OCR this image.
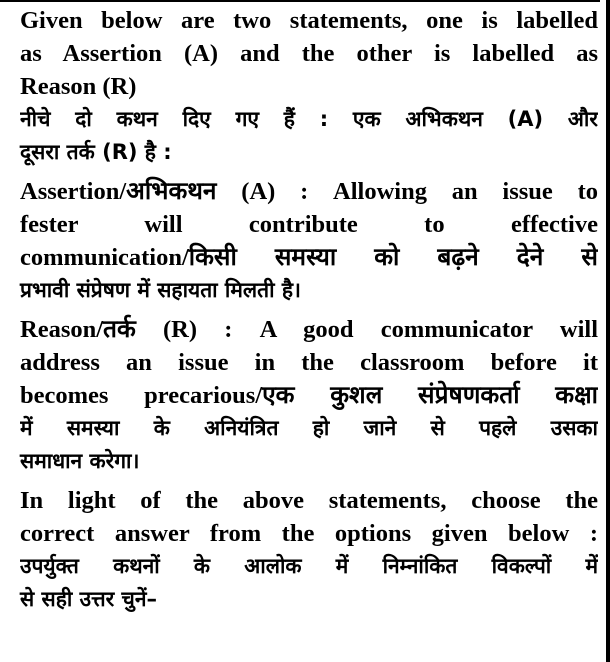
Given below are two statements, one is labelled
as Assertion (A) and the other is labelled as
Reason (R)
नीचे दो कथन दिए गए हैं : एक अभिकथन (A) और
दूसरा तर्क (R) है :
Assertion/अभिकथन (A) : Allowing an issue to
fester will contribute to effective
communication/किसी समस्या को बढ़ने देने से
प्रभावी संप्रेषण में सहायता मिलती है।
Reason/तर्क (R) : A good communicator will
address an issue in the classroom before it
becomes precarious/एक कुशल संप्रेषणकर्ता कक्षा
में समस्या के अनियंत्रित हो जाने से पहले उसका
समाधान करेगा।
In light of the above statements, choose the
correct answer from the options given below :
उपर्युक्त कथनों के आलोक में निम्नांकित विकल्पों में
से सही उत्तर चुनें–
